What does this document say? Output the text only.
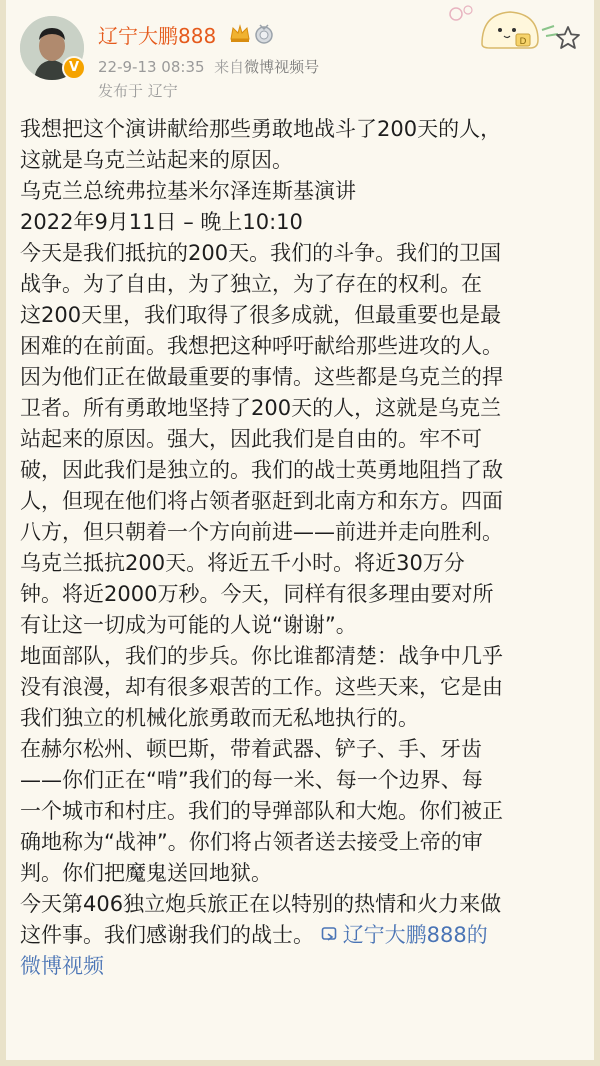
V
辽宁大鹏888
22-9-13 08:35 来自微博视频号
发布于 辽宁
D

我想把这个演讲献给那些勇敢地战斗了200天的人，

这就是乌克兰站起来的原因。

乌克兰总统弗拉基米尔泽连斯基演讲

2022年9月11日 – 晚上10:10

今天是我们抵抗的200天。我们的斗争。我们的卫国

战争。为了自由，为了独立，为了存在的权利。在

这200天里，我们取得了很多成就，但最重要也是最

困难的在前面。我想把这种呼吁献给那些进攻的人。

因为他们正在做最重要的事情。这些都是乌克兰的捍

卫者。所有勇敢地坚持了200天的人，这就是乌克兰

站起来的原因。强大，因此我们是自由的。牢不可

破，因此我们是独立的。我们的战士英勇地阻挡了敌

人，但现在他们将占领者驱赶到北南方和东方。四面

八方，但只朝着一个方向前进——前进并走向胜利。

乌克兰抵抗200天。将近五千小时。将近30万分

钟。将近2000万秒。今天，同样有很多理由要对所

有让这一切成为可能的人说“谢谢”。

地面部队，我们的步兵。你比谁都清楚：战争中几乎

没有浪漫，却有很多艰苦的工作。这些天来，它是由

我们独立的机械化旅勇敢而无私地执行的。

在赫尔松州、顿巴斯，带着武器、铲子、手、牙齿

——你们正在“啃”我们的每一米、每一个边界、每

一个城市和村庄。我们的导弹部队和大炮。你们被正

确地称为“战神”。你们将占领者送去接受上帝的审

判。你们把魔鬼送回地狱。

今天第406独立炮兵旅正在以特别的热情和火力来做

这件事。我们感谢我们的战士。 辽宁大鹏888的

微博视频
